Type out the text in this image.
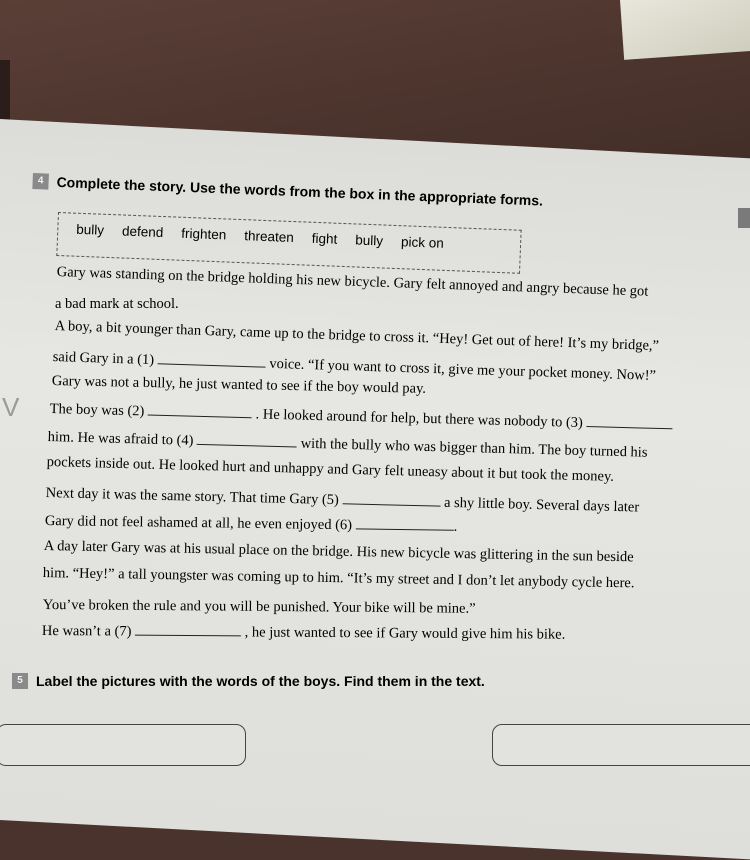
4 Complete the story. Use the words from the box in the appropriate forms.
bully defend frighten threaten fight bully pick on
V
Gary was standing on the bridge holding his new bicycle. Gary felt annoyed and angry because he got
a bad mark at school.
A boy, a bit younger than Gary, came up to the bridge to cross it. “Hey! Get out of here! It’s my bridge,”
said Gary in a (1)	voice. “If you want to cross it, give me your pocket money. Now!”
Gary was not a bully, he just wanted to see if the boy would pay.
The boy was (2)	. He looked around for help, but there was nobody to (3)
him. He was afraid to (4)	with the bully who was bigger than him. The boy turned his
pockets inside out. He looked hurt and unhappy and Gary felt uneasy about it but took the money.
Next day it was the same story. That time Gary (5)	a shy little boy. Several days later
Gary did not feel ashamed at all, he even enjoyed (6)	.
A day later Gary was at his usual place on the bridge. His new bicycle was glittering in the sun beside
him. “Hey!” a tall youngster was coming up to him. “It’s my street and I don’t let anybody cycle here.
You’ve broken the rule and you will be punished. Your bike will be mine.”
He wasn’t a (7)	, he just wanted to see if Gary would give him his bike.
5 Label the pictures with the words of the boys. Find them in the text.
